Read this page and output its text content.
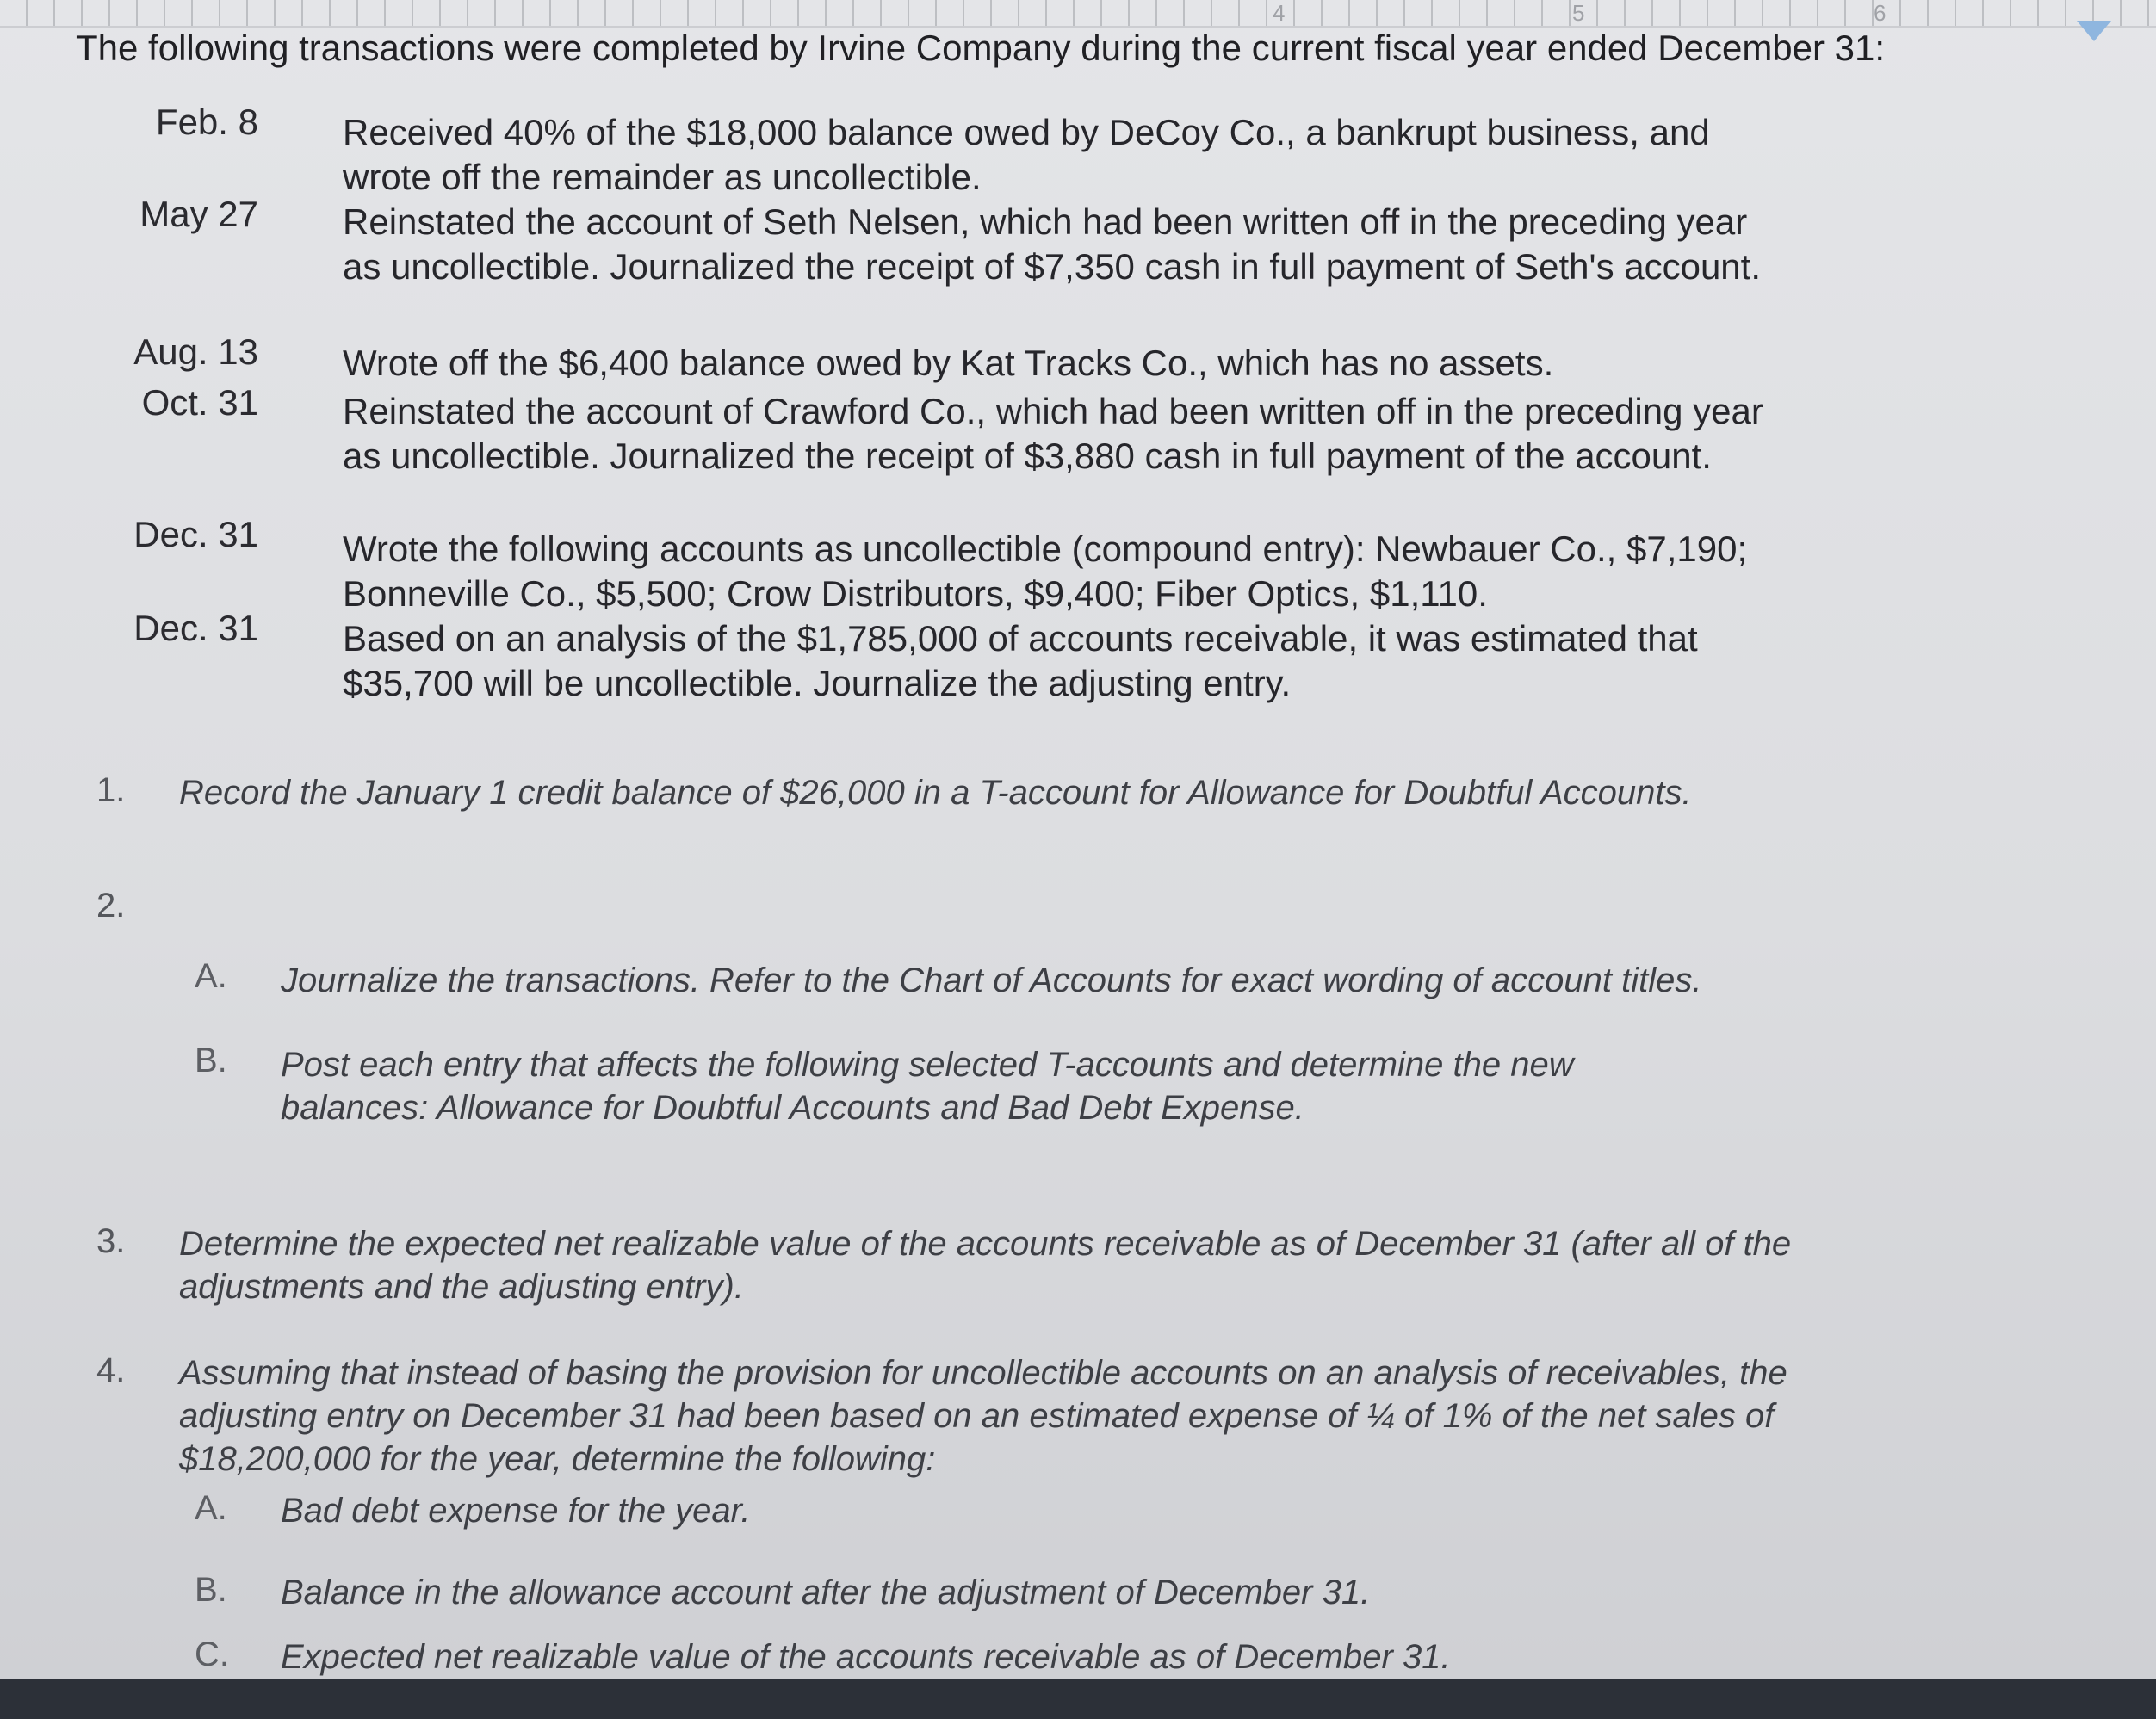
4	5	6
The following transactions were completed by Irvine Company during the current fiscal year ended December 31:
Feb. 8 Received 40% of the $18,000 balance owed by DeCoy Co., a bankrupt business, and wrote off the remainder as uncollectible.
May 27 Reinstated the account of Seth Nelsen, which had been written off in the preceding year as uncollectible. Journalized the receipt of $7,350 cash in full payment of Seth's account.
Aug. 13 Wrote off the $6,400 balance owed by Kat Tracks Co., which has no assets.
Oct. 31 Reinstated the account of Crawford Co., which had been written off in the preceding year as uncollectible. Journalized the receipt of $3,880 cash in full payment of the account.
Dec. 31 Wrote the following accounts as uncollectible (compound entry): Newbauer Co., $7,190; Bonneville Co., $5,500; Crow Distributors, $9,400; Fiber Optics, $1,110.
Dec. 31 Based on an analysis of the $1,785,000 of accounts receivable, it was estimated that $35,700 will be uncollectible. Journalize the adjusting entry.
1. Record the January 1 credit balance of $26,000 in a T-account for Allowance for Doubtful Accounts.
2.
A. Journalize the transactions. Refer to the Chart of Accounts for exact wording of account titles.
B. Post each entry that affects the following selected T-accounts and determine the new balances: Allowance for Doubtful Accounts and Bad Debt Expense.
3. Determine the expected net realizable value of the accounts receivable as of December 31 (after all of the adjustments and the adjusting entry).
4. Assuming that instead of basing the provision for uncollectible accounts on an analysis of receivables, the adjusting entry on December 31 had been based on an estimated expense of ¼ of 1% of the net sales of $18,200,000 for the year, determine the following:
A. Bad debt expense for the year.
B. Balance in the allowance account after the adjustment of December 31.
C. Expected net realizable value of the accounts receivable as of December 31.
